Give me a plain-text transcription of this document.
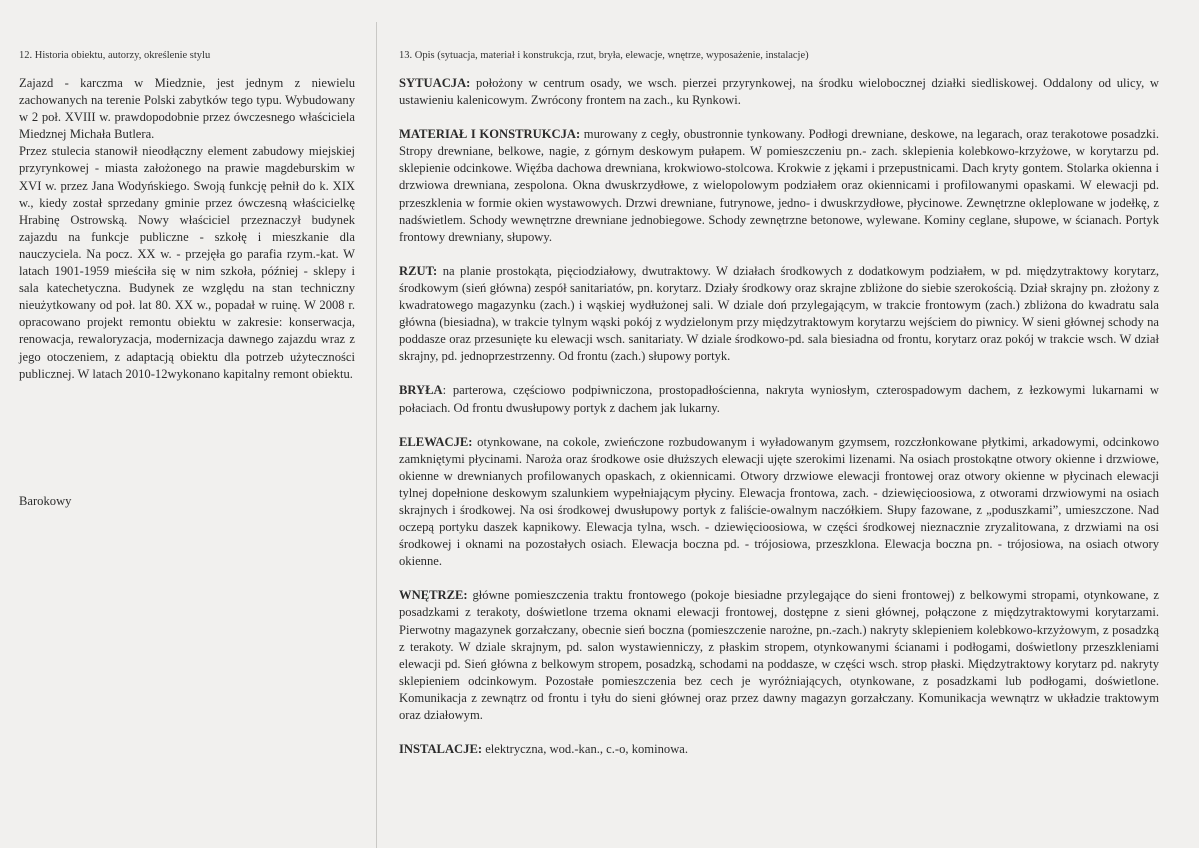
12. Historia obiektu, autorzy, określenie stylu	13. Opis (sytuacja, materiał i konstrukcja, rzut, bryła, elewacje, wnętrze, wyposażenie, instalacje)

Zajazd - karczma w Miedznie, jest jednym z niewielu zachowanych na terenie Polski zabytków tego typu. Wybudowany w 2 poł. XVIII w. prawdopodobnie przez ówczesnego właściciela Miedznej Michała Butlera.

Przez stulecia stanowił nieodłączny element zabudowy miejskiej przyrynkowej - miasta założonego na prawie magdeburskim w XVI w. przez Jana Wodyńskiego. Swoją funkcję pełnił do k. XIX w., kiedy został sprzedany gminie przez ówczesną właścicielkę Hrabinę Ostrowską. Nowy właściciel przeznaczył budynek zajazdu na funkcje publiczne - szkołę i mieszkanie dla nauczyciela. Na pocz. XX w. - przejęła go parafia rzym.-kat. W latach 1901-1959 mieściła się w nim szkoła, później - sklepy i sala katechetyczna. Budynek ze względu na stan techniczny nieużytkowany od poł. lat 80. XX w., popadał w ruinę. W 2008 r. opracowano projekt remontu obiektu w zakresie: konserwacja, renowacja, rewaloryzacja, modernizacja dawnego zajazdu wraz z jego otoczeniem, z adaptacją obiektu dla potrzeb użyteczności publicznej. W latach 2010-12wykonano kapitalny remont obiektu.

Barokowy

SYTUACJA: położony w centrum osady, we wsch. pierzei przyrynkowej, na środku wielobocznej działki siedliskowej. Oddalony od ulicy, w ustawieniu kalenicowym. Zwrócony frontem na zach., ku Rynkowi.

MATERIAŁ I KONSTRUKCJA: murowany z cegły, obustronnie tynkowany. Podłogi drewniane, deskowe, na legarach, oraz terakotowe posadzki. Stropy drewniane, belkowe, nagie, z górnym deskowym pułapem. W pomieszczeniu pn.- zach. sklepienia kolebkowo-krzyżowe, w korytarzu pd. sklepienie odcinkowe. Więźba dachowa drewniana, krokwiowo-stolcowa. Krokwie z jękami i przepustnicami. Dach kryty gontem. Stolarka okienna i drzwiowa drewniana, zespolona. Okna dwuskrzydłowe, z wielopolowym podziałem oraz okiennicami i profilowanymi opaskami. W elewacji pd. przeszklenia w formie okien wystawowych. Drzwi drewniane, futrynowe, jedno- i dwuskrzydłowe, płycinowe. Zewnętrzne okleplowane w jodełkę, z nadświetlem. Schody wewnętrzne drewniane jednobiegowe. Schody zewnętrzne betonowe, wylewane. Kominy ceglane, słupowe, w ścianach. Portyk frontowy drewniany, słupowy.

RZUT: na planie prostokąta, pięciodziałowy, dwutraktowy. W działach środkowych z dodatkowym podziałem, w pd. międzytraktowy korytarz, środkowym (sień główna) zespół sanitariatów, pn. korytarz. Działy środkowy oraz skrajne zbliżone do siebie szerokością. Dział skrajny pn. złożony z kwadratowego magazynku (zach.) i wąskiej wydłużonej sali. W dziale doń przylegającym, w trakcie frontowym (zach.) zbliżona do kwadratu sala główna (biesiadna), w trakcie tylnym wąski pokój z wydzielonym przy międzytraktowym korytarzu wejściem do piwnicy. W sieni głównej schody na poddasze oraz przesunięte ku elewacji wsch. sanitariaty. W dziale środkowo-pd. sala biesiadna od frontu, korytarz oraz pokój w trakcie wsch. W dział skrajny, pd. jednoprzestrzenny. Od frontu (zach.) słupowy portyk.

BRYŁA: parterowa, częściowo podpiwniczona, prostopadłościenna, nakryta wyniosłym, czterospadowym dachem, z łezkowymi lukarnami w połaciach. Od frontu dwusłupowy portyk z dachem jak lukarny.

ELEWACJE: otynkowane, na cokole, zwieńczone rozbudowanym i wyładowanym gzymsem, rozczłonkowane płytkimi, arkadowymi, odcinkowo zamkniętymi płycinami. Naroża oraz środkowe osie dłuższych elewacji ujęte szerokimi lizenami. Na osiach prostokątne otwory okienne i drzwiowe, okienne w drewnianych profilowanych opaskach, z okiennicami. Otwory drzwiowe elewacji frontowej oraz otwory okienne w płycinach elewacji tylnej dopełnione deskowym szalunkiem wypełniającym płyciny. Elewacja frontowa, zach. - dziewięcioosiowa, z otworami drzwiowymi na osiach skrajnych i środkowej. Na osi środkowej dwusłupowy portyk z faliście-owalnym naczółkiem. Słupy fazowane, z „poduszkami”, umieszczone. Nad oczepą portyku daszek kapnikowy. Elewacja tylna, wsch. - dziewięcioosiowa, w części środkowej nieznacznie zryzalitowana, z drzwiami na osi środkowej i oknami na pozostałych osiach. Elewacja boczna pd. - trójosiowa, przeszklona. Elewacja boczna pn. - trójosiowa, na osiach otwory okienne.

WNĘTRZE: główne pomieszczenia traktu frontowego (pokoje biesiadne przylegające do sieni frontowej) z belkowymi stropami, otynkowane, z posadzkami z terakoty, doświetlone trzema oknami elewacji frontowej, dostępne z sieni głównej, połączone z międzytraktowymi korytarzami. Pierwotny magazynek gorzałczany, obecnie sień boczna (pomieszczenie narożne, pn.-zach.) nakryty sklepieniem kolebkowo-krzyżowym, z posadzką z terakoty. W dziale skrajnym, pd. salon wystawienniczy, z płaskim stropem, otynkowanymi ścianami i podłogami, doświetlony przeszkleniami elewacji pd. Sień główna z belkowym stropem, posadzką, schodami na poddasze, w części wsch. strop płaski. Międzytraktowy korytarz pd. nakryty sklepieniem odcinkowym. Pozostałe pomieszczenia bez cech je wyróżniających, otynkowane, z posadzkami lub podłogami, doświetlone. Komunikacja z zewnątrz od frontu i tyłu do sieni głównej oraz przez dawny magazyn gorzałczany. Komunikacja wewnątrz w układzie traktowym oraz działowym.

INSTALACJE: elektryczna, wod.-kan., c.-o, kominowa.
